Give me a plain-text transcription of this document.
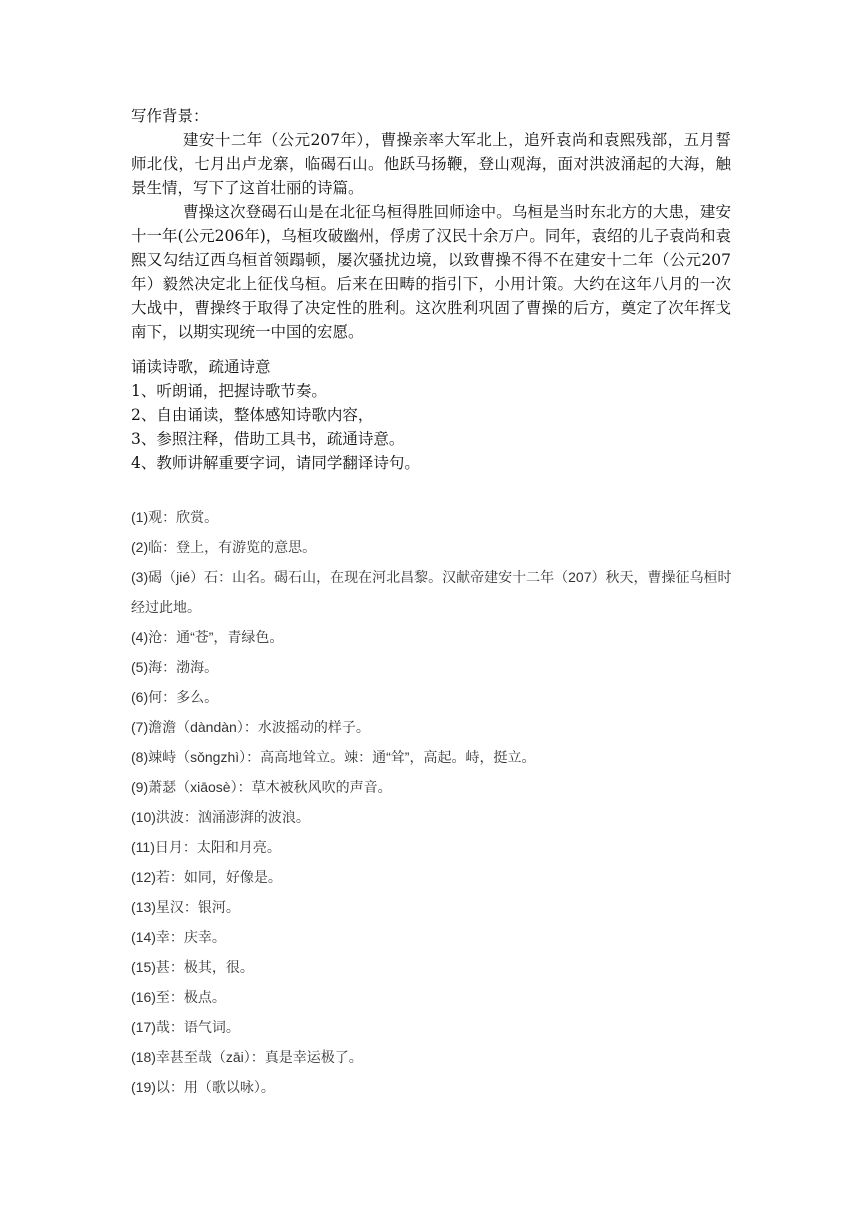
写作背景：

建安十二年（公元207年），曹操亲率大军北上，追歼袁尚和袁熙残部，五月誓师北伐，七月出卢龙寨，临碣石山。他跃马扬鞭，登山观海，面对洪波涌起的大海，触景生情，写下了这首壮丽的诗篇。

曹操这次登碣石山是在北征乌桓得胜回师途中。乌桓是当时东北方的大患，建安十一年(公元206年)，乌桓攻破幽州，俘虏了汉民十余万户。同年，袁绍的儿子袁尚和袁熙又勾结辽西乌桓首领蹋顿，屡次骚扰边境，以致曹操不得不在建安十二年（公元207年）毅然决定北上征伐乌桓。后来在田畴的指引下，小用计策。大约在这年八月的一次大战中，曹操终于取得了决定性的胜利。这次胜利巩固了曹操的后方，奠定了次年挥戈南下，以期实现统一中国的宏愿。

诵读诗歌，疏通诗意

1、听朗诵，把握诗歌节奏。

2、自由诵读，整体感知诗歌内容，

3、参照注释，借助工具书，疏通诗意。

4、教师讲解重要字词，请同学翻译诗句。

(1)观：欣赏。

(2)临：登上，有游览的意思。

(3)碣（jié）石：山名。碣石山，在现在河北昌黎。汉献帝建安十二年（207）秋天，曹操征乌桓时经过此地。

(4)沧：通“苍”，青绿色。

(5)海：渤海。

(6)何：多么。

(7)澹澹（dàndàn）：水波摇动的样子。

(8)竦峙（sǒngzhì）：高高地耸立。竦：通“耸”，高起。峙，挺立。

(9)萧瑟（xiāosè）：草木被秋风吹的声音。

(10)洪波：汹涌澎湃的波浪。

(11)日月：太阳和月亮。

(12)若：如同，好像是。

(13)星汉：银河。

(14)幸：庆幸。

(15)甚：极其，很。

(16)至：极点。

(17)哉：语气词。

(18)幸甚至哉（zāi）：真是幸运极了。

(19)以：用（歌以咏）。
